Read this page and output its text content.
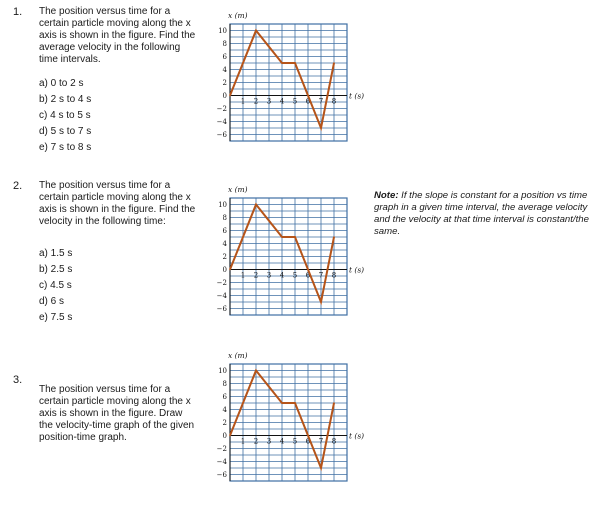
1. The position versus time for a certain particle moving along the x axis is shown in the figure. Find the average velocity in the following time intervals.
a) 0 to 2 s
b) 2 s to 4 s
c) 4 s to 5 s
d) 5 s to 7 s
e) 7 s to 8 s
2. The position versus time for a certain particle moving along the x axis is shown in the figure. Find the velocity in the following time:
a) 1.5 s
b) 2.5 s
c) 4.5 s
d) 6 s
e) 7.5 s
3.
The position versus time for a certain particle moving along the x axis is shown in the figure. Draw the velocity-time graph of the given position-time graph.
Note: If the slope is constant for a position vs time graph in a given time interval, the average velocity and the velocity at that time interval is constant/the same.
10
8
6
4
2
0
−2
−4
−6
1 2 3 4 5 6 7 8
x (m)
t (s)
10
8
6
4
2
0
−2
−4
−6
1 2 3 4 5 6 7 8
x (m)
t (s)
10
8
6
4
2
0
−2
−4
−6
1 2 3 4 5 6 7 8
x (m)
t (s)
